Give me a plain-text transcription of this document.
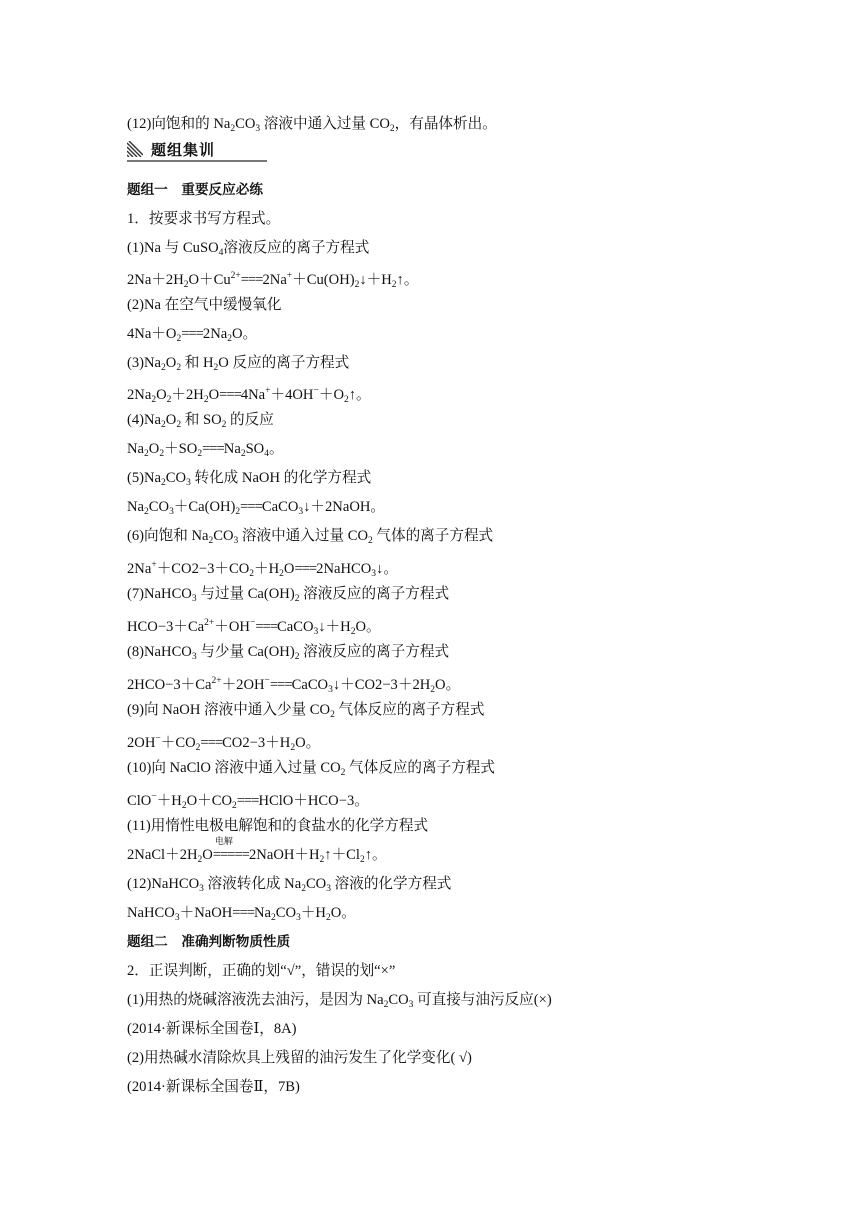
(12)向饱和的 $Na_2CO_3$ 溶液中通入过量 $CO_2$，有晶体析出。
题组集训
题组一　重要反应必练
1．按要求书写方程式。
(1)Na 与 CuSO$_4$溶液反应的离子方程式
$2Na+2H_2O+Cu^{2+}===2Na^++Cu(OH)_2↓+H_2↑$。
(2)Na 在空气中缓慢氧化
$4Na+O_2===2Na_2O$。
$(3)Na_2O_2$ 和 $H_2O$ 反应的离子方程式
$2Na_2O_2+2H_2O===4Na^++4OH^-+O_2↑$。
$(4)Na_2O_2$ 和 $SO_2$ 的反应
$Na_2O_2+SO_2===Na_2SO_4$。
$(5)Na_2CO_3$ 转化成 NaOH 的化学方程式
$Na_2CO_3+Ca(OH)_2===CaCO_3↓+2NaOH$。
(6)向饱和 $Na_2CO_3$ 溶液中通入过量 $CO_2$ 气体的离子方程式
$2Na^++CO2-3+CO_2+H_2O===2NaHCO_3↓$。
(7)NaHCO$_3$ 与过量 $Ca(OH)_2$ 溶液反应的离子方程式
$HCO-3+Ca^{2+}+OH^-===CaCO_3↓+H_2O$。
(8)NaHCO$_3$ 与少量 $Ca(OH)_2$ 溶液反应的离子方程式
$2HCO-3+Ca^{2+}+2OH^-===CaCO_3↓+CO2-3+2H_2O$。
(9)向 NaOH 溶液中通入少量 $CO_2$ 气体反应的离子方程式
$2OH^-+CO_2===CO2-3+H_2O$。
(10)向 NaClO 溶液中通入过量 $CO_2$ 气体反应的离子方程式
$ClO^-+H_2O+CO_2===HClO+HCO-3$。
(11)用惰性电极电解饱和的食盐水的化学方程式
$2NaCl+2H_2O$
电解
$=====2NaOH+H_2↑+Cl_2↑$。
(12)NaHCO$_3$ 溶液转化成 $Na_2CO_3$ 溶液的化学方程式
$NaHCO_3+NaOH===Na_2CO_3+H_2O$。
题组二　准确判断物质性质
2．正误判断，正确的划“√”，错误的划“×”
(1)用热的烧碱溶液洗去油污，是因为 $Na_2CO_3$ 可直接与油污反应(×)
(2014·新课标全国卷Ⅰ，8A)
(2)用热碱水清除炊具上残留的油污发生了化学变化( √)
(2014·新课标全国卷Ⅱ，7B)
